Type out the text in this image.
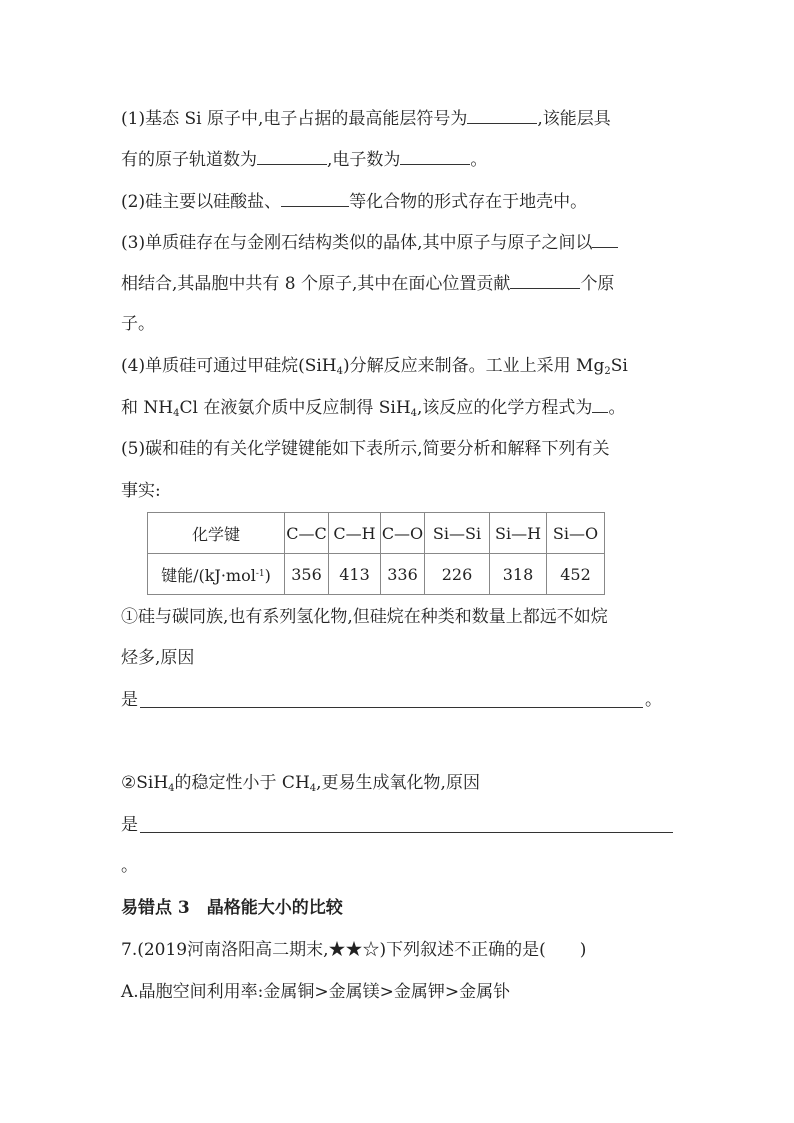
(1)基态 Si 原子中,电子占据的最高能层符号为	,该能层具
有的原子轨道数为	,电子数为	。
(2)硅主要以硅酸盐、	等化合物的形式存在于地壳中。
(3)单质硅存在与金刚石结构类似的晶体,其中原子与原子之间以
相结合,其晶胞中共有 8 个原子,其中在面心位置贡献	个原
子。
(4)单质硅可通过甲硅烷(SiH$_4$)分解反应来制备。工业上采用 $Mg_2Si$
和 $NH_4Cl$ 在液氨介质中反应制得 SiH$_4$,该反应的化学方程式为 。
(5)碳和硅的有关化学键键能如下表所示,简要分析和解释下列有关
事实:
化学键	C—C	C—H	C—O	Si—Si	Si—H	Si—O
键能/(kJ·mol$^{-1}$)	356	413	336	226	318	452
①硅与碳同族,也有系列氢化物,但硅烷在种类和数量上都远不如烷
烃多,原因
是	。
②SiH$_4$的稳定性小于 $CH_4$,更易生成氧化物,原因
是
。
易错点 3　晶格能大小的比较
7.(2019河南洛阳高二期末,★★☆)下列叙述不正确的是(　　)
A.晶胞空间利用率:金属铜>金属镁>金属钾>金属钋
